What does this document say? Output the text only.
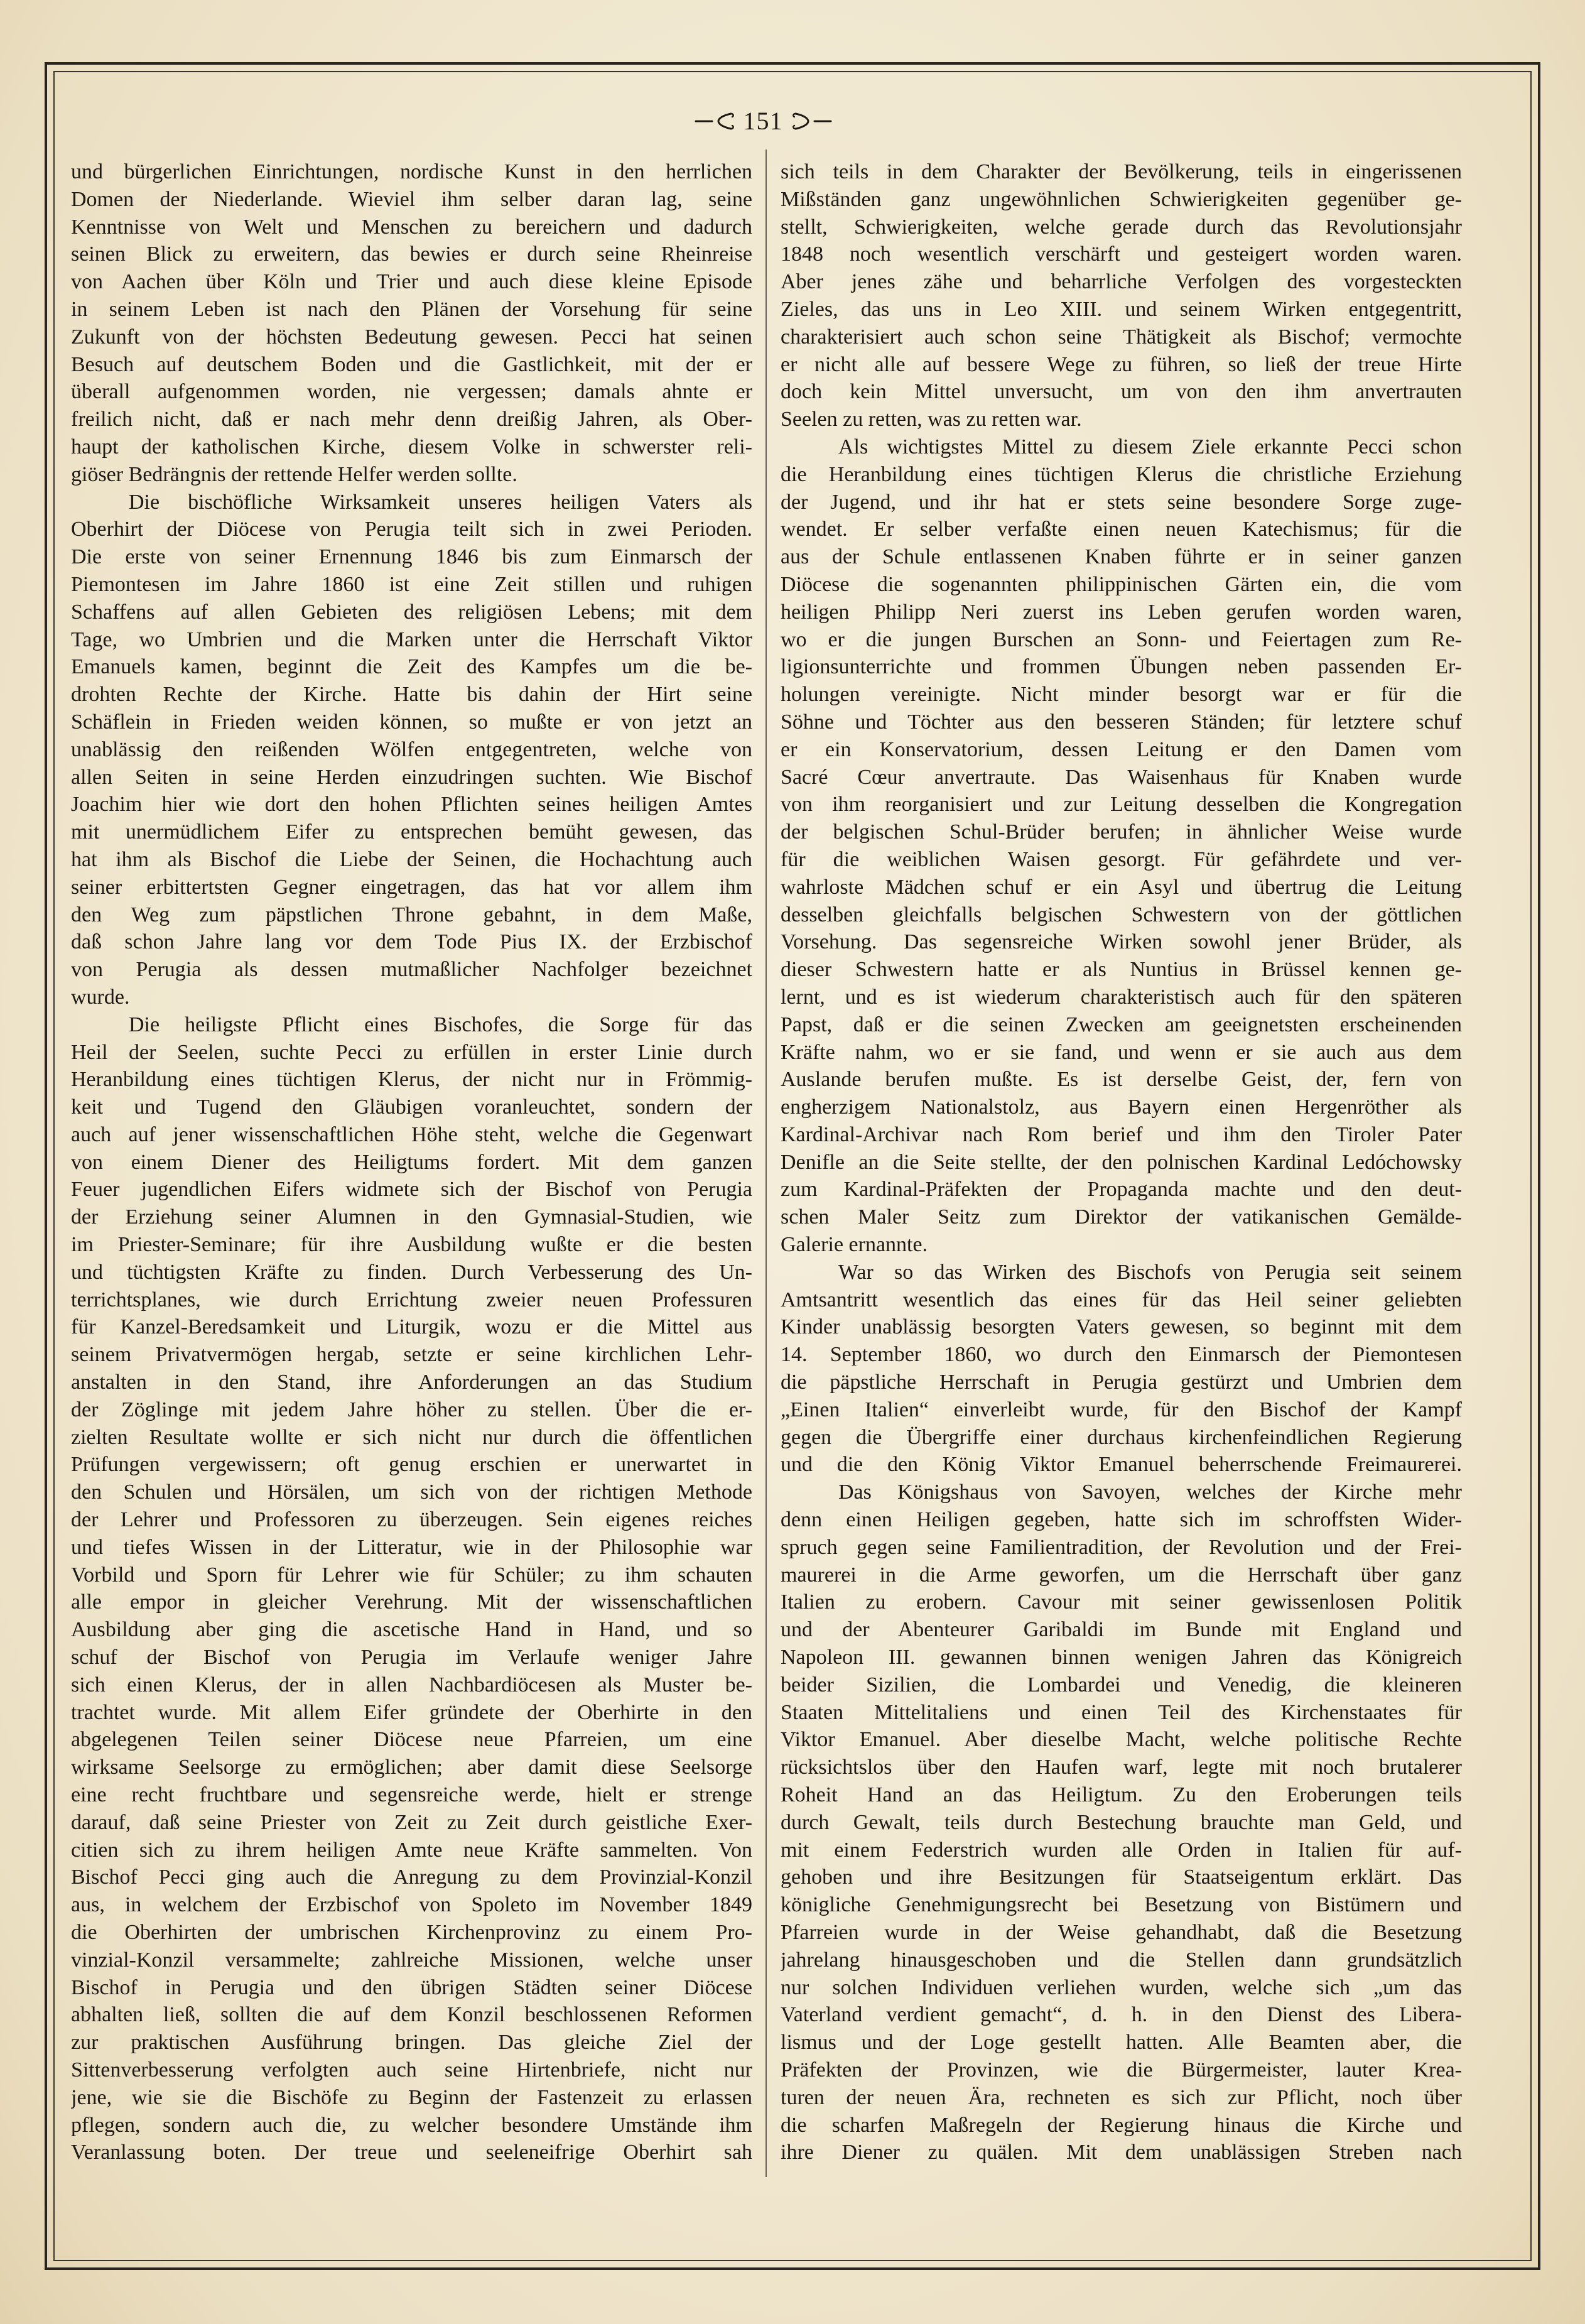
151
und bürgerlichen Einrichtungen, nordische Kunst in den herrlichen
Domen der Niederlande. Wieviel ihm selber daran lag, seine
Kenntnisse von Welt und Menschen zu bereichern und dadurch
seinen Blick zu erweitern, das bewies er durch seine Rheinreise
von Aachen über Köln und Trier und auch diese kleine Episode
in seinem Leben ist nach den Plänen der Vorsehung für seine
Zukunft von der höchsten Bedeutung gewesen. Pecci hat seinen
Besuch auf deutschem Boden und die Gastlichkeit, mit der er
überall aufgenommen worden, nie vergessen; damals ahnte er
freilich nicht, daß er nach mehr denn dreißig Jahren, als Ober-
haupt der katholischen Kirche, diesem Volke in schwerster reli-
giöser Bedrängnis der rettende Helfer werden sollte.
Die bischöfliche Wirksamkeit unseres heiligen Vaters als
Oberhirt der Diöcese von Perugia teilt sich in zwei Perioden.
Die erste von seiner Ernennung 1846 bis zum Einmarsch der
Piemontesen im Jahre 1860 ist eine Zeit stillen und ruhigen
Schaffens auf allen Gebieten des religiösen Lebens; mit dem
Tage, wo Umbrien und die Marken unter die Herrschaft Viktor
Emanuels kamen, beginnt die Zeit des Kampfes um die be-
drohten Rechte der Kirche. Hatte bis dahin der Hirt seine
Schäflein in Frieden weiden können, so mußte er von jetzt an
unablässig den reißenden Wölfen entgegentreten, welche von
allen Seiten in seine Herden einzudringen suchten. Wie Bischof
Joachim hier wie dort den hohen Pflichten seines heiligen Amtes
mit unermüdlichem Eifer zu entsprechen bemüht gewesen, das
hat ihm als Bischof die Liebe der Seinen, die Hochachtung auch
seiner erbittertsten Gegner eingetragen, das hat vor allem ihm
den Weg zum päpstlichen Throne gebahnt, in dem Maße,
daß schon Jahre lang vor dem Tode Pius IX. der Erzbischof
von Perugia als dessen mutmaßlicher Nachfolger bezeichnet
wurde.
Die heiligste Pflicht eines Bischofes, die Sorge für das
Heil der Seelen, suchte Pecci zu erfüllen in erster Linie durch
Heranbildung eines tüchtigen Klerus, der nicht nur in Frömmig-
keit und Tugend den Gläubigen voranleuchtet, sondern der
auch auf jener wissenschaftlichen Höhe steht, welche die Gegenwart
von einem Diener des Heiligtums fordert. Mit dem ganzen
Feuer jugendlichen Eifers widmete sich der Bischof von Perugia
der Erziehung seiner Alumnen in den Gymnasial-Studien, wie
im Priester-Seminare; für ihre Ausbildung wußte er die besten
und tüchtigsten Kräfte zu finden. Durch Verbesserung des Un-
terrichtsplanes, wie durch Errichtung zweier neuen Professuren
für Kanzel-Beredsamkeit und Liturgik, wozu er die Mittel aus
seinem Privatvermögen hergab, setzte er seine kirchlichen Lehr-
anstalten in den Stand, ihre Anforderungen an das Studium
der Zöglinge mit jedem Jahre höher zu stellen. Über die er-
zielten Resultate wollte er sich nicht nur durch die öffentlichen
Prüfungen vergewissern; oft genug erschien er unerwartet in
den Schulen und Hörsälen, um sich von der richtigen Methode
der Lehrer und Professoren zu überzeugen. Sein eigenes reiches
und tiefes Wissen in der Litteratur, wie in der Philosophie war
Vorbild und Sporn für Lehrer wie für Schüler; zu ihm schauten
alle empor in gleicher Verehrung. Mit der wissenschaftlichen
Ausbildung aber ging die ascetische Hand in Hand, und so
schuf der Bischof von Perugia im Verlaufe weniger Jahre
sich einen Klerus, der in allen Nachbardiöcesen als Muster be-
trachtet wurde. Mit allem Eifer gründete der Oberhirte in den
abgelegenen Teilen seiner Diöcese neue Pfarreien, um eine
wirksame Seelsorge zu ermöglichen; aber damit diese Seelsorge
eine recht fruchtbare und segensreiche werde, hielt er strenge
darauf, daß seine Priester von Zeit zu Zeit durch geistliche Exer-
citien sich zu ihrem heiligen Amte neue Kräfte sammelten. Von
Bischof Pecci ging auch die Anregung zu dem Provinzial-Konzil
aus, in welchem der Erzbischof von Spoleto im November 1849
die Oberhirten der umbrischen Kirchenprovinz zu einem Pro-
vinzial-Konzil versammelte; zahlreiche Missionen, welche unser
Bischof in Perugia und den übrigen Städten seiner Diöcese
abhalten ließ, sollten die auf dem Konzil beschlossenen Reformen
zur praktischen Ausführung bringen. Das gleiche Ziel der
Sittenverbesserung verfolgten auch seine Hirtenbriefe, nicht nur
jene, wie sie die Bischöfe zu Beginn der Fastenzeit zu erlassen
pflegen, sondern auch die, zu welcher besondere Umstände ihm
Veranlassung boten. Der treue und seeleneifrige Oberhirt sah
sich teils in dem Charakter der Bevölkerung, teils in eingerissenen
Mißständen ganz ungewöhnlichen Schwierigkeiten gegenüber ge-
stellt, Schwierigkeiten, welche gerade durch das Revolutionsjahr
1848 noch wesentlich verschärft und gesteigert worden waren.
Aber jenes zähe und beharrliche Verfolgen des vorgesteckten
Zieles, das uns in Leo XIII. und seinem Wirken entgegentritt,
charakterisiert auch schon seine Thätigkeit als Bischof; vermochte
er nicht alle auf bessere Wege zu führen, so ließ der treue Hirte
doch kein Mittel unversucht, um von den ihm anvertrauten
Seelen zu retten, was zu retten war.
Als wichtigstes Mittel zu diesem Ziele erkannte Pecci schon
die Heranbildung eines tüchtigen Klerus die christliche Erziehung
der Jugend, und ihr hat er stets seine besondere Sorge zuge-
wendet. Er selber verfaßte einen neuen Katechismus; für die
aus der Schule entlassenen Knaben führte er in seiner ganzen
Diöcese die sogenannten philippinischen Gärten ein, die vom
heiligen Philipp Neri zuerst ins Leben gerufen worden waren,
wo er die jungen Burschen an Sonn- und Feiertagen zum Re-
ligionsunterrichte und frommen Übungen neben passenden Er-
holungen vereinigte. Nicht minder besorgt war er für die
Söhne und Töchter aus den besseren Ständen; für letztere schuf
er ein Konservatorium, dessen Leitung er den Damen vom
Sacré Cœur anvertraute. Das Waisenhaus für Knaben wurde
von ihm reorganisiert und zur Leitung desselben die Kongregation
der belgischen Schul-Brüder berufen; in ähnlicher Weise wurde
für die weiblichen Waisen gesorgt. Für gefährdete und ver-
wahrloste Mädchen schuf er ein Asyl und übertrug die Leitung
desselben gleichfalls belgischen Schwestern von der göttlichen
Vorsehung. Das segensreiche Wirken sowohl jener Brüder, als
dieser Schwestern hatte er als Nuntius in Brüssel kennen ge-
lernt, und es ist wiederum charakteristisch auch für den späteren
Papst, daß er die seinen Zwecken am geeignetsten erscheinenden
Kräfte nahm, wo er sie fand, und wenn er sie auch aus dem
Auslande berufen mußte. Es ist derselbe Geist, der, fern von
engherzigem Nationalstolz, aus Bayern einen Hergenröther als
Kardinal-Archivar nach Rom berief und ihm den Tiroler Pater
Denifle an die Seite stellte, der den polnischen Kardinal Ledóchowsky
zum Kardinal-Präfekten der Propaganda machte und den deut-
schen Maler Seitz zum Direktor der vatikanischen Gemälde-
Galerie ernannte.
War so das Wirken des Bischofs von Perugia seit seinem
Amtsantritt wesentlich das eines für das Heil seiner geliebten
Kinder unablässig besorgten Vaters gewesen, so beginnt mit dem
14. September 1860, wo durch den Einmarsch der Piemontesen
die päpstliche Herrschaft in Perugia gestürzt und Umbrien dem
„Einen Italien“ einverleibt wurde, für den Bischof der Kampf
gegen die Übergriffe einer durchaus kirchenfeindlichen Regierung
und die den König Viktor Emanuel beherrschende Freimaurerei.
Das Königshaus von Savoyen, welches der Kirche mehr
denn einen Heiligen gegeben, hatte sich im schroffsten Wider-
spruch gegen seine Familientradition, der Revolution und der Frei-
maurerei in die Arme geworfen, um die Herrschaft über ganz
Italien zu erobern. Cavour mit seiner gewissenlosen Politik
und der Abenteurer Garibaldi im Bunde mit England und
Napoleon III. gewannen binnen wenigen Jahren das Königreich
beider Sizilien, die Lombardei und Venedig, die kleineren
Staaten Mittelitaliens und einen Teil des Kirchenstaates für
Viktor Emanuel. Aber dieselbe Macht, welche politische Rechte
rücksichtslos über den Haufen warf, legte mit noch brutalerer
Roheit Hand an das Heiligtum. Zu den Eroberungen teils
durch Gewalt, teils durch Bestechung brauchte man Geld, und
mit einem Federstrich wurden alle Orden in Italien für auf-
gehoben und ihre Besitzungen für Staatseigentum erklärt. Das
königliche Genehmigungsrecht bei Besetzung von Bistümern und
Pfarreien wurde in der Weise gehandhabt, daß die Besetzung
jahrelang hinausgeschoben und die Stellen dann grundsätzlich
nur solchen Individuen verliehen wurden, welche sich „um das
Vaterland verdient gemacht“, d. h. in den Dienst des Libera-
lismus und der Loge gestellt hatten. Alle Beamten aber, die
Präfekten der Provinzen, wie die Bürgermeister, lauter Krea-
turen der neuen Ära, rechneten es sich zur Pflicht, noch über
die scharfen Maßregeln der Regierung hinaus die Kirche und
ihre Diener zu quälen. Mit dem unablässigen Streben nach
